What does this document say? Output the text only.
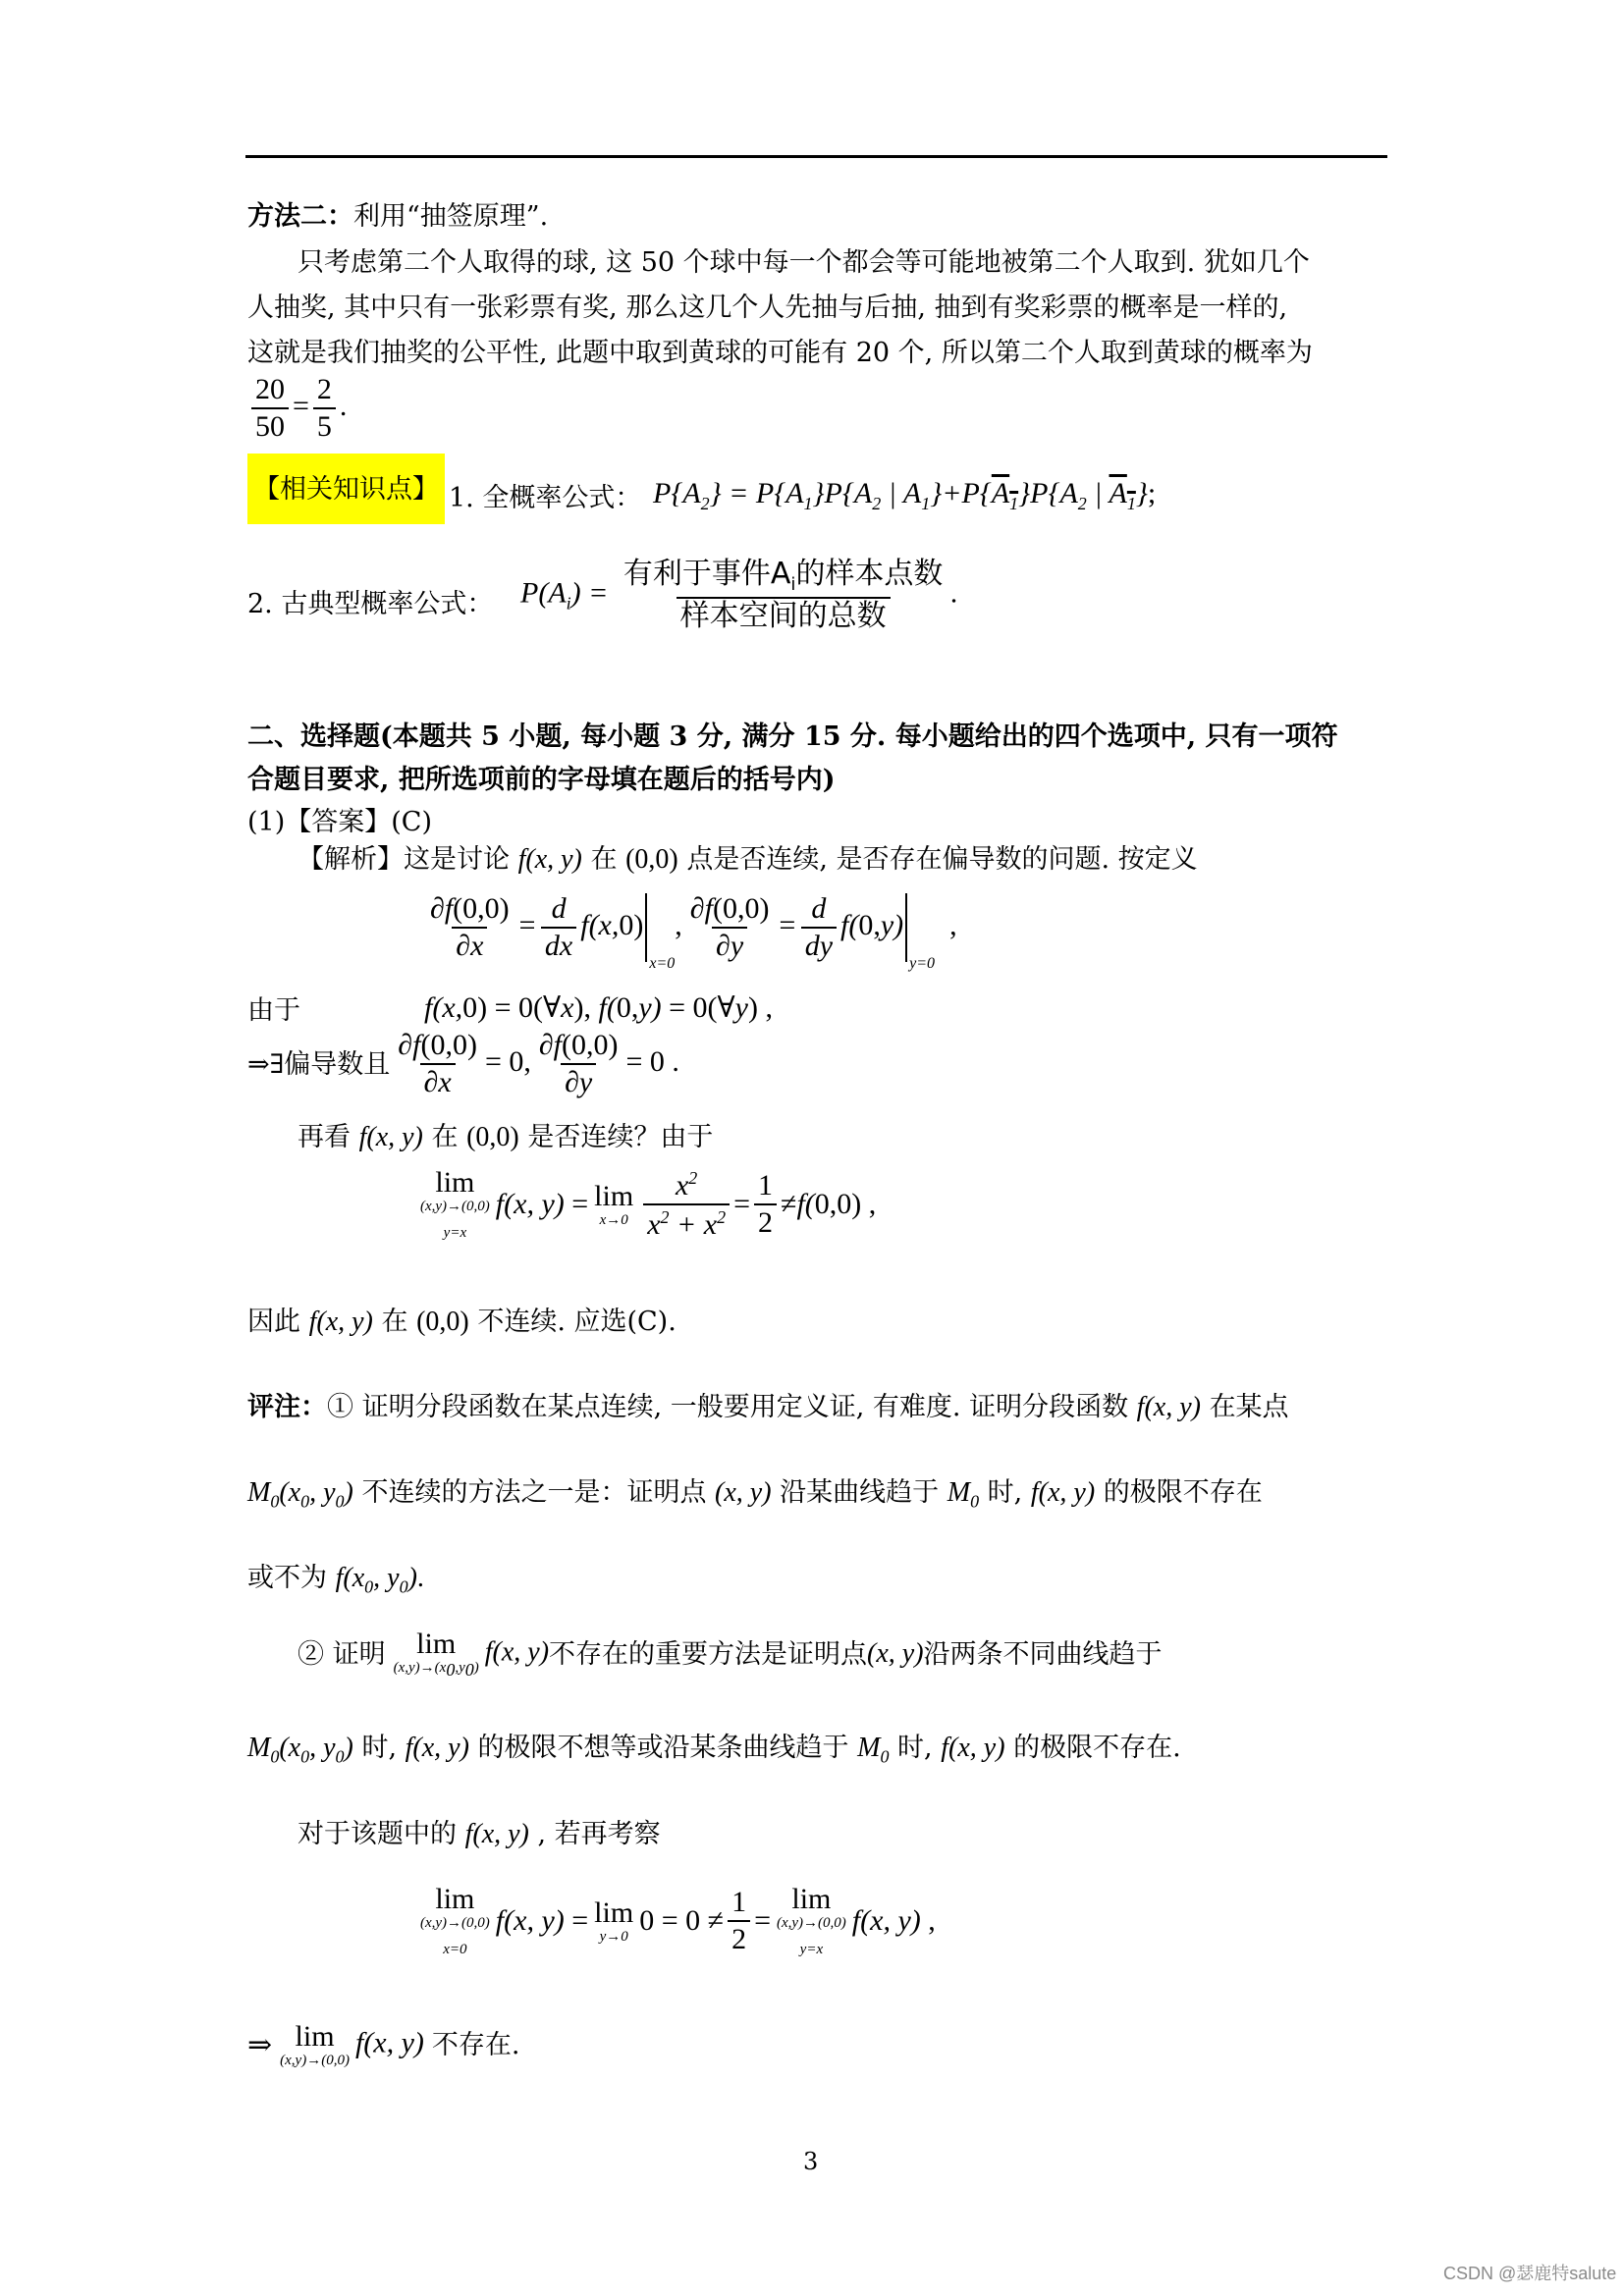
方法二：利用“抽签原理”.
只考虑第二个人取得的球, 这 50 个球中每一个都会等可能地被第二个人取到. 犹如几个
人抽奖, 其中只有一张彩票有奖, 那么这几个人先抽与后抽, 抽到有奖彩票的概率是一样的,
这就是我们抽奖的公平性, 此题中取到黄球的可能有 20 个, 所以第二个人取到黄球的概率为
$\frac{20}{50} = \frac{2}{5}$ .
【相关知识点】 1. 全概率公式： $P\{A_2\} = P\{A_1\}P\{A_2$ | $A_1\}+P\{A_1\}P\{A_2$ | $A_1$};
2. 古典型概率公式： $P(A_i) = \frac{有利于事件A_i的样本点数}{\text{样本空间的总数}}$ .
二、选择题(本题共 5 小题, 每小题 3 分, 满分 15 分. 每小题给出的四个选项中, 只有一项符
合题目要求, 把所选项前的字母填在题后的括号内)
(1)【答案】(C)
【解析】这是讨论 f(x, y) 在 (0,0) 点是否连续, 是否存在偏导数的问题. 按定义
$\frac{\partial f(0,0)}{\partial x} = \frac{d}{dx} f(x,0)_{x=0}$, $\frac{\partial f(0,0)}{\partial y} = \frac{d}{dy} f(0,y)_{y=0}$  ,
由于	f(x,0) = 0(∀x), f(0,y) = 0(∀y) ,
⇒∃偏导数且 $\frac{\partial f(0,0)}{\partial x} = 0$, $\frac{\partial f(0,0)}{\partial y} = 0$ .
再看 f(x, y) 在 (0,0) 是否连续？由于
lim
(x,y)→(0,0)
y=x
f(x, y) = lim
$x\to 0 \frac{x^2}{x^2 + x^2} = \frac{1}{2} \ne f$( 0,0) ,
因此 f(x, y) 在 (0,0) 不连续. 应选(C).
评注：① 证明分段函数在某点连续, 一般要用定义证, 有难度. 证明分段函数 f(x, y) 在某点
$M_0(x_0$, $y_0$) 不连续的方法之一是：证明点 (x, y) 沿某曲线趋于 $M_0$ 时, f(x, y) 的极限不存在
或不为 $f(x_0$, $y_0$).
② 证明 lim
$(x,y)\to(x_0,y_0)$
f(x, y) 不存在的重要方法是证明点 (x, y) 沿两条不同曲线趋于
$M_0(x_0$, $y_0$) 时, f(x, y) 的极限不想等或沿某条曲线趋于 $M_0$ 时, f(x, y) 的极限不存在.
对于该题中的 f(x, y) , 若再考察
lim
(x,y)→(0,0)
x=0
f(x, y) = lim
y→0 $0 = 0 \ne \frac{1}{2}$ =
lim
(x,y)→(0,0)
y=x
f(x, y) ,
⇒ lim
(x,y)→(0,0)
f(x, y) 不存在.
3
CSDN @瑟鹿特salute
